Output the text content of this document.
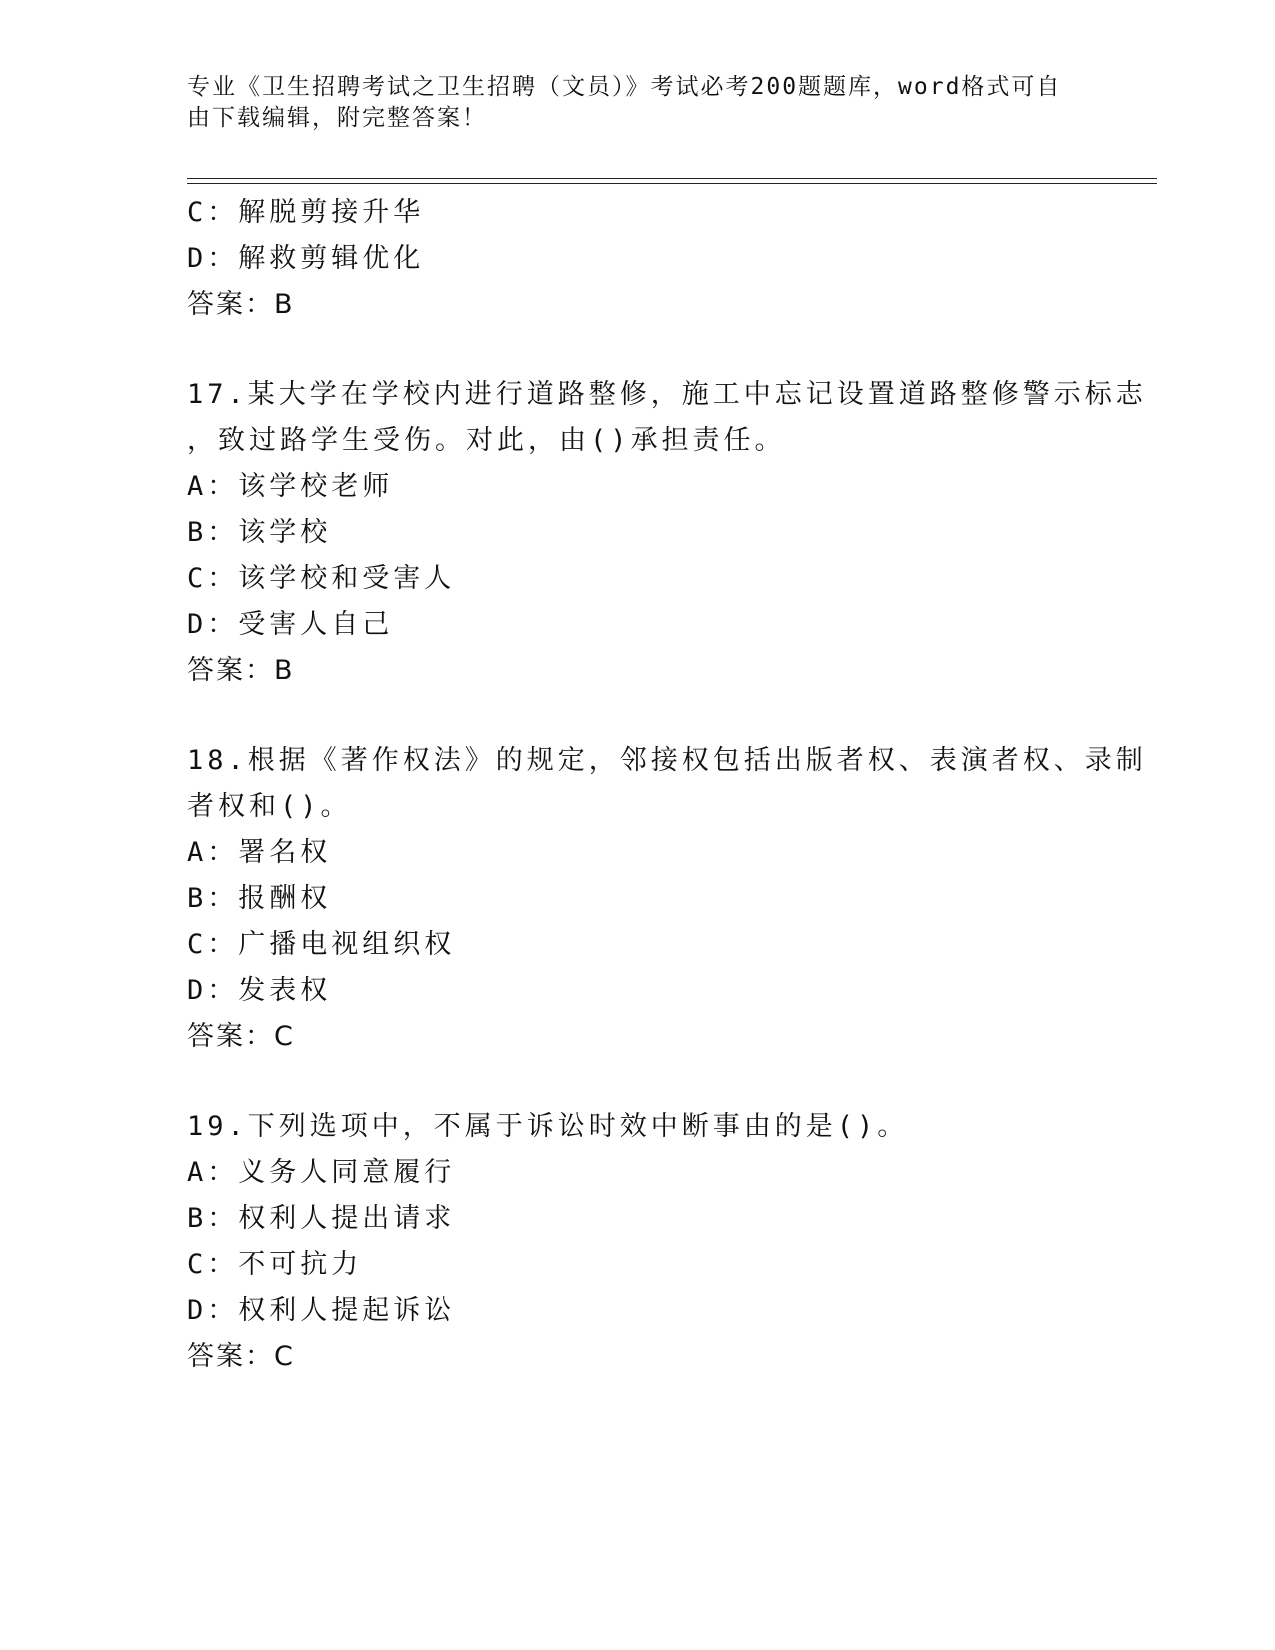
专业《卫生招聘考试之卫生招聘（文员）》考试必考200题题库，word格式可自
由下载编辑，附完整答案！
C：解脱剪接升华
D：解救剪辑优化
答案：B
17.某大学在学校内进行道路整修，施工中忘记设置道路整修警示标志
，致过路学生受伤。对此，由()承担责任。
A：该学校老师
B：该学校
C：该学校和受害人
D：受害人自己
答案：B
18.根据《著作权法》的规定，邻接权包括出版者权、表演者权、录制
者权和()。
A：署名权
B：报酬权
C：广播电视组织权
D：发表权
答案：C
19.下列选项中，不属于诉讼时效中断事由的是()。
A：义务人同意履行
B：权利人提出请求
C：不可抗力
D：权利人提起诉讼
答案：C
